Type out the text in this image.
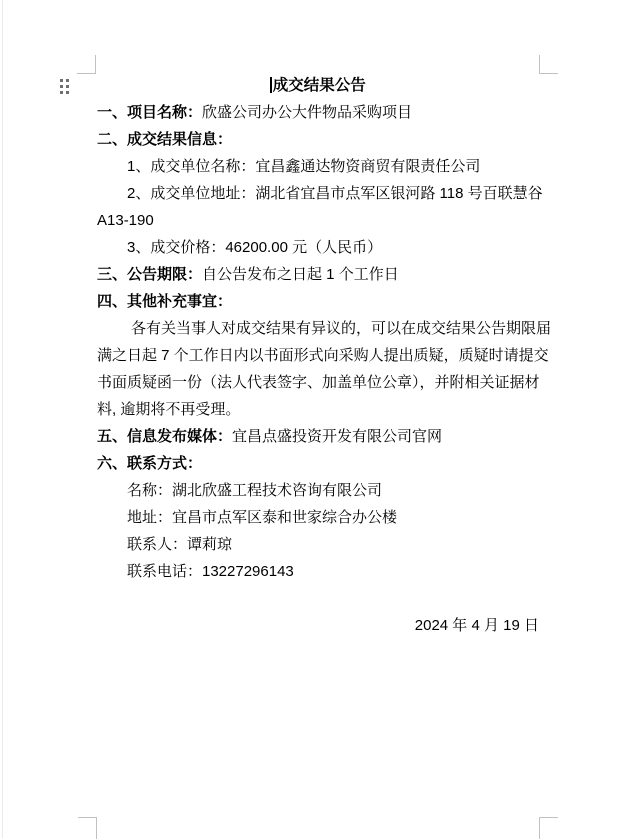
成交结果公告
一、项目名称：欣盛公司办公大件物品采购项目
二、成交结果信息：
1、成交单位名称：宜昌鑫通达物资商贸有限责任公司
2、成交单位地址：湖北省宜昌市点军区银河路 118 号百联慧谷
A13-190
3、成交价格：46200.00 元（人民币）
三、公告期限：自公告发布之日起 1 个工作日
四、其他补充事宜：
各有关当事人对成交结果有异议的，可以在成交结果公告期限届
满之日起 7 个工作日内以书面形式向采购人提出质疑，质疑时请提交
书面质疑函一份（法人代表签字、加盖单位公章），并附相关证据材
料, 逾期将不再受理。
五、信息发布媒体：宜昌点盛投资开发有限公司官网
六、联系方式：
名称：湖北欣盛工程技术咨询有限公司
地址：宜昌市点军区泰和世家综合办公楼
联系人：谭莉琼
联系电话：13227296143
2024 年 4 月 19 日
